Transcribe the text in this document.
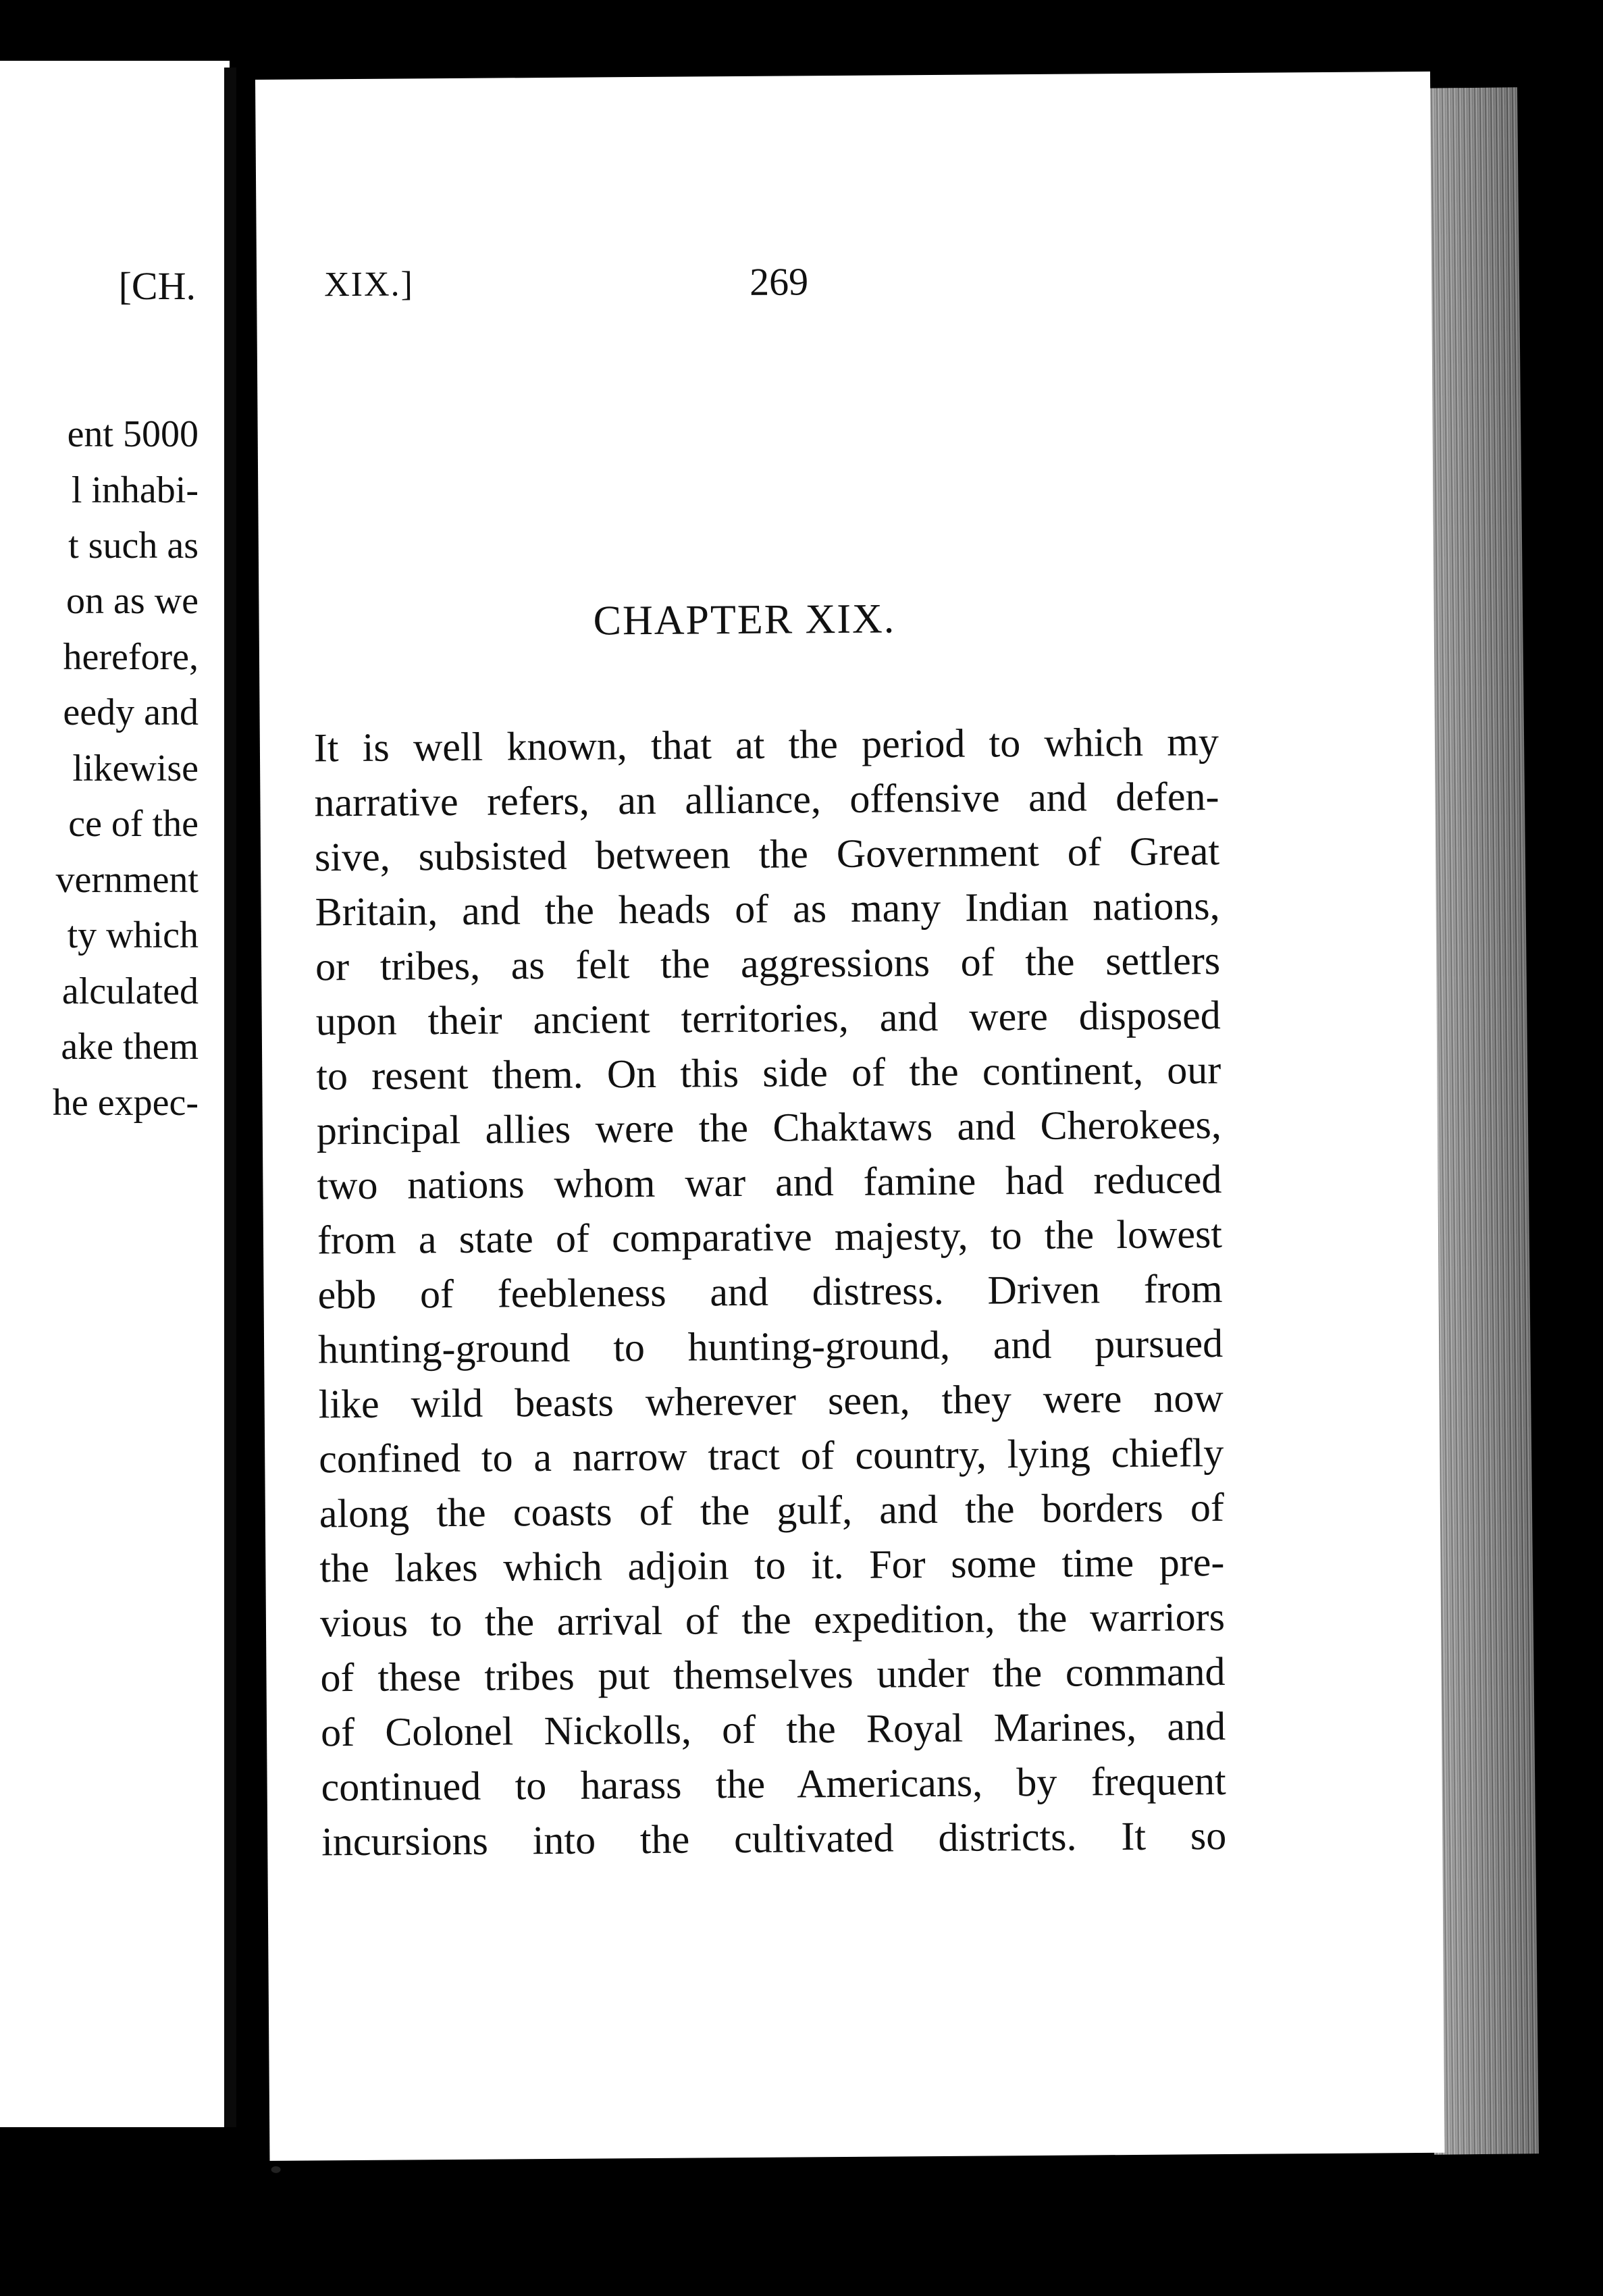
[CH.
ent 5000
l inhabi-
t such as
on as we
herefore,
eedy and
likewise
ce of the
vernment
ty which
alculated
ake them
he expec-
XIX.]	269
CHAPTER XIX.
It is well known, that at the period to which my
narrative refers, an alliance, offensive and defen-
sive, subsisted between the Government of Great
Britain, and the heads of as many Indian nations,
or tribes, as felt the aggressions of the settlers
upon their ancient territories, and were disposed
to resent them. On this side of the continent, our
principal allies were the Chaktaws and Cherokees,
two nations whom war and famine had reduced
from a state of comparative majesty, to the lowest
ebb of feebleness and distress. Driven from
hunting-ground to hunting-ground, and pursued
like wild beasts wherever seen, they were now
confined to a narrow tract of country, lying chiefly
along the coasts of the gulf, and the borders of
the lakes which adjoin to it. For some time pre-
vious to the arrival of the expedition, the warriors
of these tribes put themselves under the command
of Colonel Nickolls, of the Royal Marines, and
continued to harass the Americans, by frequent
incursions into the cultivated districts. It so
